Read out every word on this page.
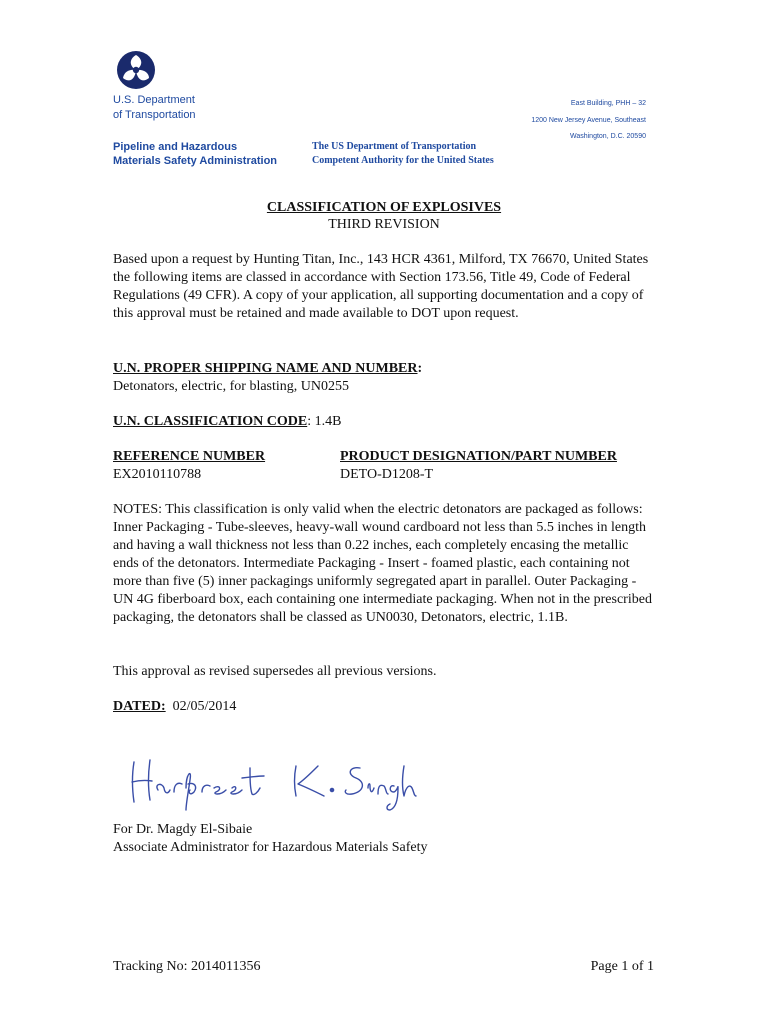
U.S. Department
of Transportation
Pipeline and Hazardous
Materials Safety Administration
The US Department of Transportation
Competent Authority for the United States
East Building, PHH – 32
1200 New Jersey Avenue, Southeast
Washington, D.C. 20590
CLASSIFICATION OF EXPLOSIVES
THIRD REVISION
Based upon a request by Hunting Titan, Inc., 143 HCR 4361, Milford, TX 76670, United States the following items are classed in accordance with Section 173.56, Title 49, Code of Federal Regulations (49 CFR). A copy of your application, all supporting documentation and a copy of this approval must be retained and made available to DOT upon request.
U.N. PROPER SHIPPING NAME AND NUMBER:
Detonators, electric, for blasting, UN0255
U.N. CLASSIFICATION CODE: 1.4B
REFERENCE NUMBER	PRODUCT DESIGNATION/PART NUMBER
EX2010110788	DETO-D1208-T
NOTES: This classification is only valid when the electric detonators are packaged as follows: Inner Packaging - Tube-sleeves, heavy-wall wound cardboard not less than 5.5 inches in length and having a wall thickness not less than 0.22 inches, each completely encasing the metallic ends of the detonators. Intermediate Packaging - Insert - foamed plastic, each containing not more than five (5) inner packagings uniformly segregated apart in parallel. Outer Packaging - UN 4G fiberboard box, each containing one intermediate packaging. When not in the prescribed packaging, the detonators shall be classed as UN0030, Detonators, electric, 1.1B.
This approval as revised supersedes all previous versions.
DATED: 02/05/2014
For Dr. Magdy El-Sibaie
Associate Administrator for Hazardous Materials Safety
Tracking No: 2014011356	Page 1 of 1
